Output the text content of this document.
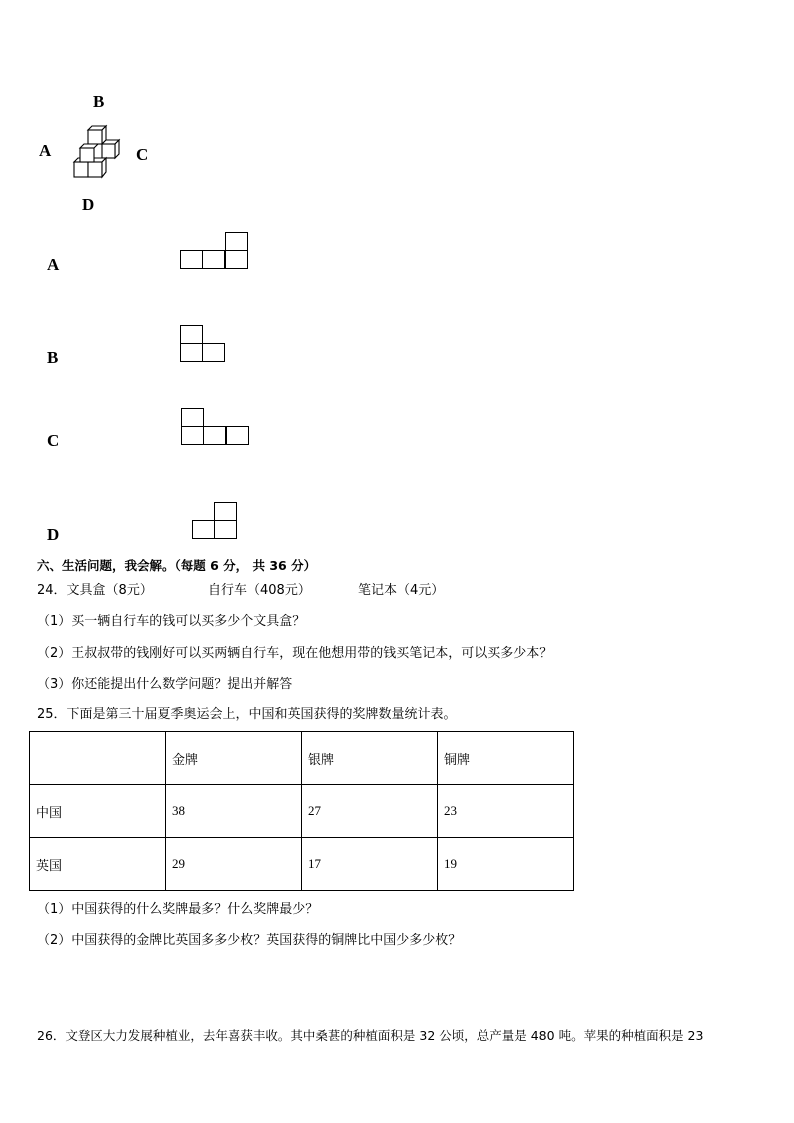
B
A	C
D
A
B
C
D
六、生活问题，我会解。（每题 6 分， 共 36 分）
24．文具盒（8元）	自行车（408元）	笔记本（4元）
（1）买一辆自行车的钱可以买多少个文具盒？
（2）王叔叔带的钱刚好可以买两辆自行车，现在他想用带的钱买笔记本，可以买多少本？
（3）你还能提出什么数学问题？提出并解答
25．下面是第三十届夏季奥运会上，中国和英国获得的奖牌数量统计表。
	金牌	银牌	铜牌
中国	38	27	23
英国	29	17	19
（1）中国获得的什么奖牌最多？什么奖牌最少？
（2）中国获得的金牌比英国多多少枚？英国获得的铜牌比中国少多少枚？
26．文登区大力发展种植业，去年喜获丰收。其中桑葚的种植面积是 32 公顷，总产量是 480 吨。苹果的种植面积是 23
